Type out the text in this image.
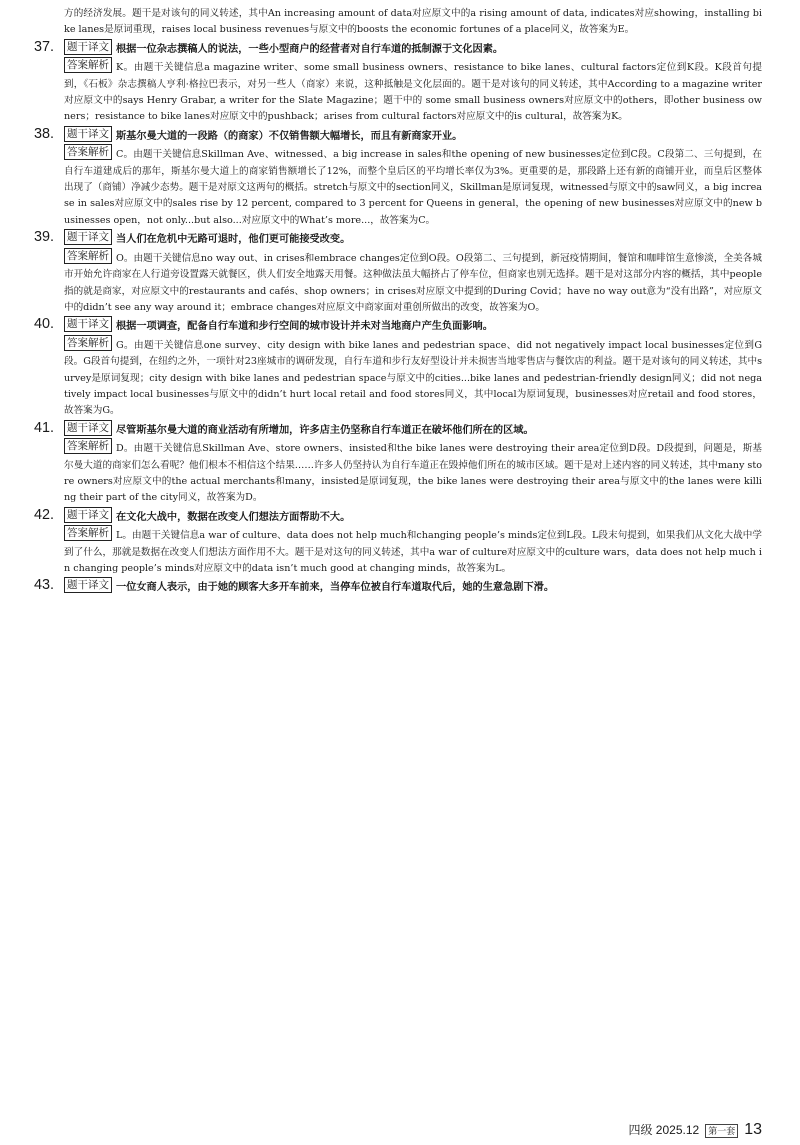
方的经济发展。题干是对该句的同义转述，其中An increasing amount of data对应原文中的a rising amount of data, indicates对应showing，installing bike lanes是原词重现，raises local business revenues与原文中的boosts the economic fortunes of a place同义，故答案为E。

37. 题干译文 根据一位杂志撰稿人的说法，一些小型商户的经营者对自行车道的抵制源于文化因素。

答案解析 K。由题干关键信息a magazine writer、some small business owners、resistance to bike lanes、cultural factors定位到K段。K段首句提到，《石板》杂志撰稿人亨利·格拉巴表示，对另一些人（商家）来说，这种抵触是文化层面的。题干是对该句的同义转述，其中According to a magazine writer对应原文中的says Henry Grabar, a writer for the Slate Magazine；题干中的 some small business owners对应原文中的others，即other business owners；resistance to bike lanes对应原文中的pushback；arises from cultural factors对应原文中的is cultural，故答案为K。

38. 题干译文 斯基尔曼大道的一段路（的商家）不仅销售额大幅增长，而且有新商家开业。

答案解析 C。由题干关键信息Skillman Ave、witnessed、a big increase in sales和the opening of new businesses定位到C段。C段第二、三句提到，在自行车道建成后的那年，斯基尔曼大道上的商家销售额增长了12%，而整个皇后区的平均增长率仅为3%。更重要的是，那段路上还有新的商铺开业，而皇后区整体出现了（商铺）净减少态势。题干是对原文这两句的概括。stretch与原文中的section同义，Skillman是原词复现，witnessed与原文中的saw同义，a big increase in sales对应原文中的sales rise by 12 percent, compared to 3 percent for Queens in general，the opening of new businesses对应原文中的new businesses open，not only...but also...对应原文中的What’s more...，故答案为C。

39. 题干译文 当人们在危机中无路可退时，他们更可能接受改变。

答案解析 O。由题干关键信息no way out、in crises和embrace changes定位到O段。O段第二、三句提到，新冠疫情期间，餐馆和咖啡馆生意惨淡，全美各城市开始允许商家在人行道旁设置露天就餐区，供人们安全地露天用餐。这种做法虽大幅挤占了停车位，但商家也别无选择。题干是对这部分内容的概括，其中people指的就是商家，对应原文中的restaurants and cafés、shop owners；in crises对应原文中提到的During Covid；have no way out意为“没有出路”，对应原文中的didn’t see any way around it；embrace changes对应原文中商家面对重创所做出的改变，故答案为O。

40. 题干译文 根据一项调查，配备自行车道和步行空间的城市设计并未对当地商户产生负面影响。

答案解析 G。由题干关键信息one survey、city design with bike lanes and pedestrian space、did not negatively impact local businesses定位到G段。G段首句提到，在纽约之外，一项针对23座城市的调研发现，自行车道和步行友好型设计并未损害当地零售店与餐饮店的利益。题干是对该句的同义转述，其中survey是原词复现；city design with bike lanes and pedestrian space与原文中的cities...bike lanes and pedestrian-friendly design同义；did not negatively impact local businesses与原文中的didn’t hurt local retail and food stores同义，其中local为原词复现，businesses对应retail and food stores，故答案为G。

41. 题干译文 尽管斯基尔曼大道的商业活动有所增加，许多店主仍坚称自行车道正在破坏他们所在的区域。

答案解析 D。由题干关键信息Skillman Ave、store owners、insisted和the bike lanes were destroying their area定位到D段。D段提到，问题是，斯基尔曼大道的商家们怎么看呢？他们根本不相信这个结果……许多人仍坚持认为自行车道正在毁掉他们所在的城市区域。题干是对上述内容的同义转述，其中many store owners对应原文中的the actual merchants和many，insisted是原词复现，the bike lanes were destroying their area与原文中的the lanes were killing their part of the city同义，故答案为D。

42. 题干译文 在文化大战中，数据在改变人们想法方面帮助不大。

答案解析 L。由题干关键信息a war of culture、data does not help much和changing people’s minds定位到L段。L段末句提到，如果我们从文化大战中学到了什么，那就是数据在改变人们想法方面作用不大。题干是对这句的同义转述，其中a war of culture对应原文中的culture wars，data does not help much in changing people’s minds对应原文中的data isn’t much good at changing minds，故答案为L。

43. 题干译文 一位女商人表示，由于她的顾客大多开车前来，当停车位被自行车道取代后，她的生意急剧下滑。

四级 2025.12	第一套 13
